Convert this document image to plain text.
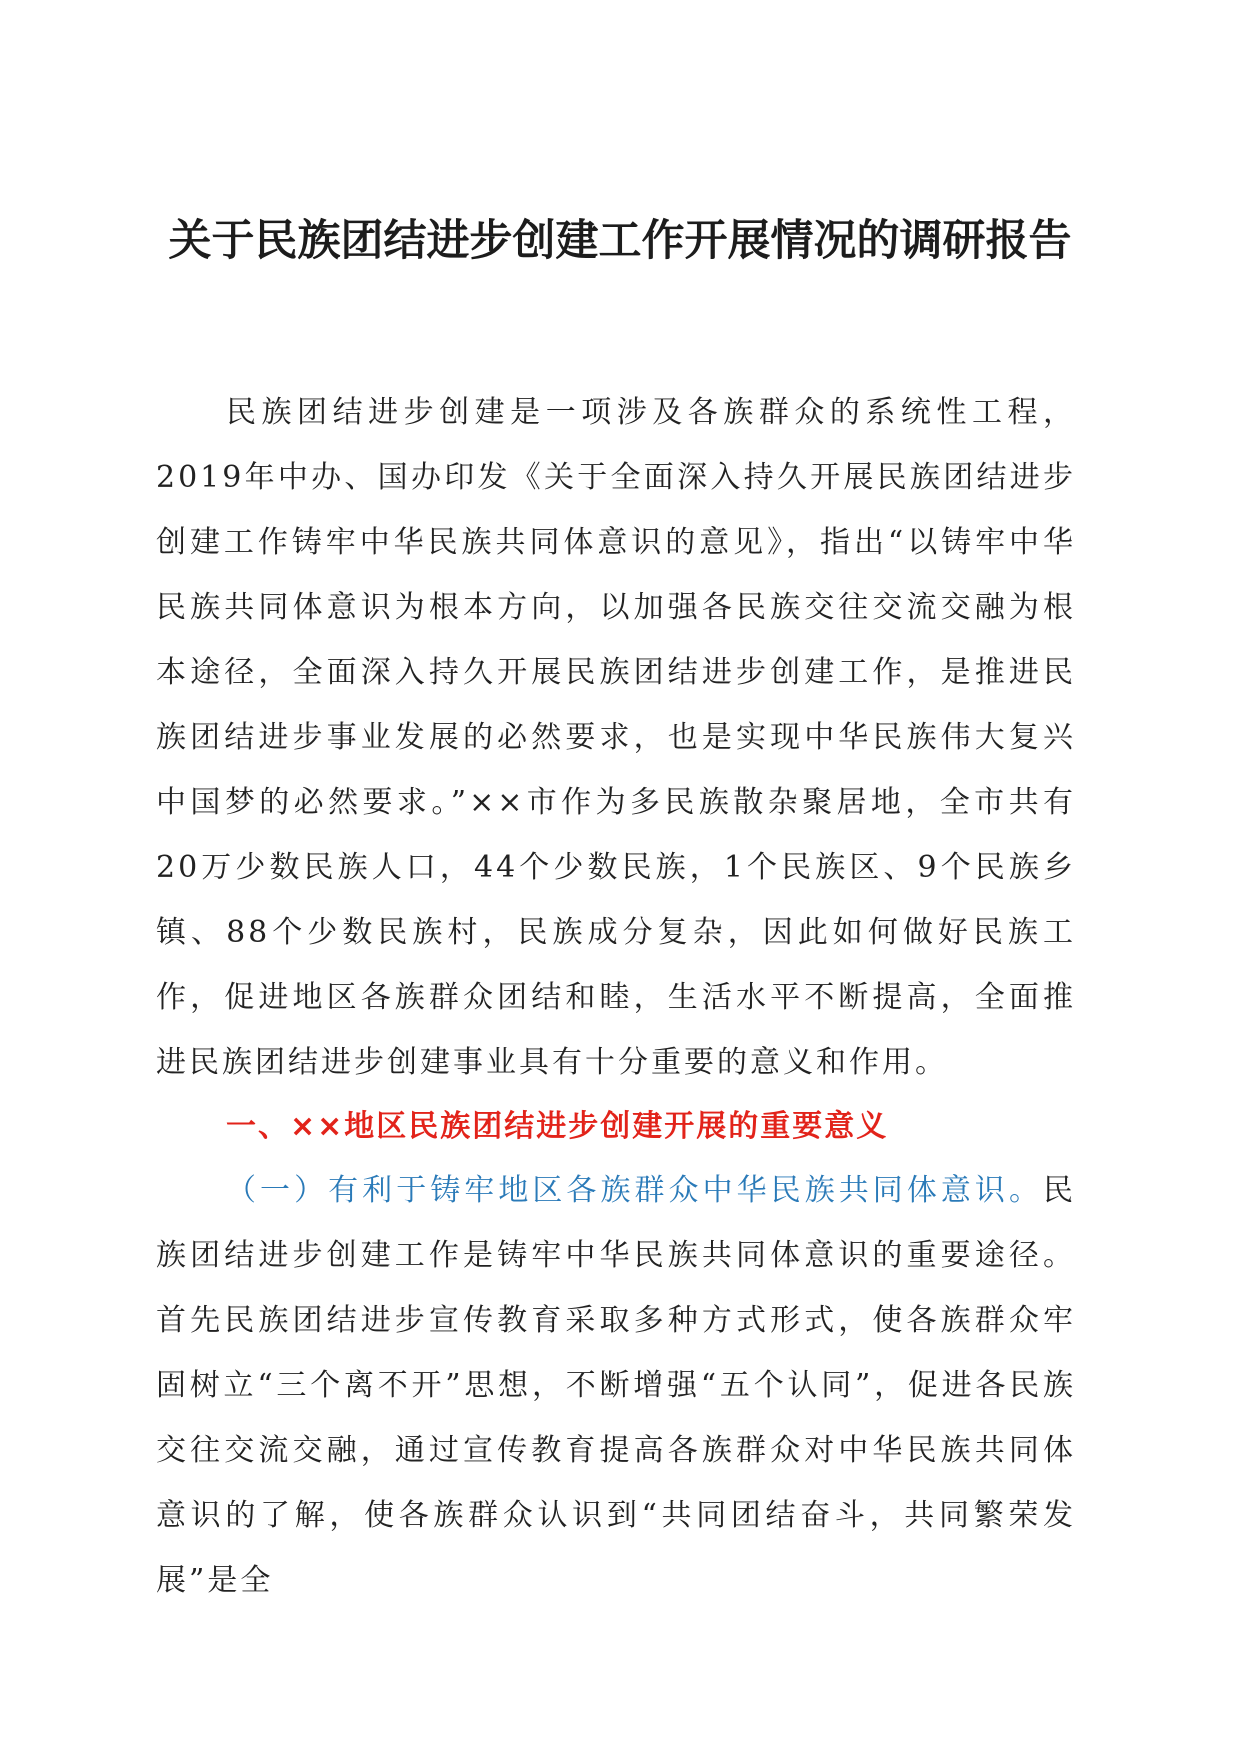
关于民族团结进步创建工作开展情况的调研报告

民族团结进步创建是一项涉及各族群众的系统性工程，2019年中办、国办印发《关于全面深入持久开展民族团结进步创建工作铸牢中华民族共同体意识的意见》，指出“以铸牢中华民族共同体意识为根本方向，以加强各民族交往交流交融为根本途径，全面深入持久开展民族团结进步创建工作，是推进民族团结进步事业发展的必然要求，也是实现中华民族伟大复兴中国梦的必然要求。”××市作为多民族散杂聚居地，全市共有20万少数民族人口，44个少数民族，1个民族区、9个民族乡镇、88个少数民族村，民族成分复杂，因此如何做好民族工作，促进地区各族群众团结和睦，生活水平不断提高，全面推进民族团结进步创建事业具有十分重要的意义和作用。

一、××地区民族团结进步创建开展的重要意义

（一）有利于铸牢地区各族群众中华民族共同体意识。民族团结进步创建工作是铸牢中华民族共同体意识的重要途径。首先民族团结进步宣传教育采取多种方式形式，使各族群众牢固树立“三个离不开”思想，不断增强“五个认同”，促进各民族交往交流交融，通过宣传教育提高各族群众对中华民族共同体意识的了解，使各族群众认识到“共同团结奋斗，共同繁荣发展”是全
